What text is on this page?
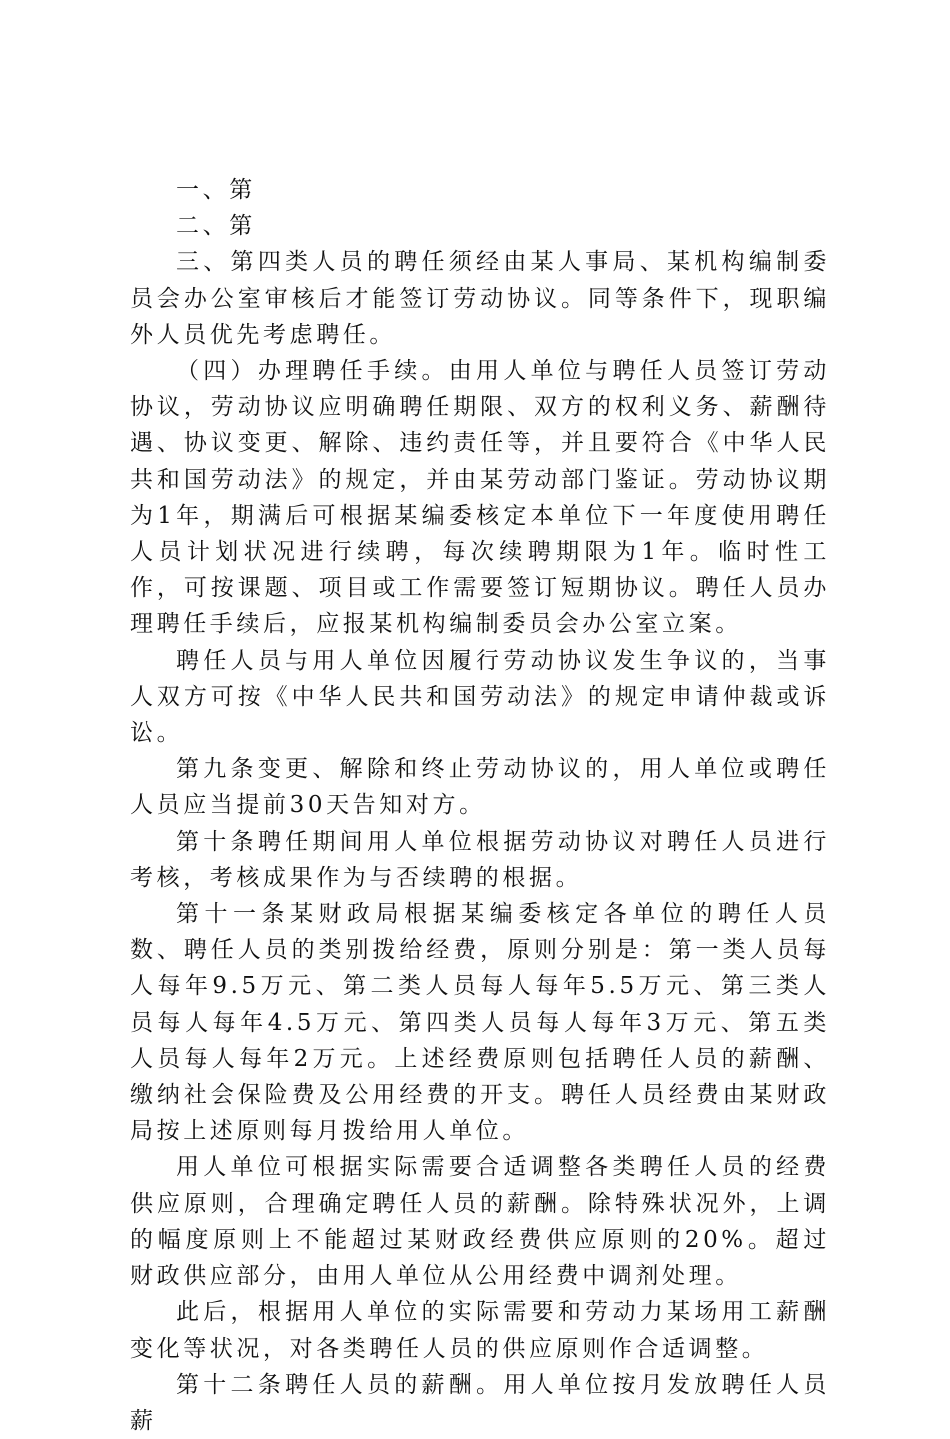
一、第

二、第

三、第四类人员的聘任须经由某人事局、某机构编制委员会办公室审核后才能签订劳动协议。同等条件下，现职编外人员优先考虑聘任。

（四）办理聘任手续。由用人单位与聘任人员签订劳动协议，劳动协议应明确聘任期限、双方的权利义务、薪酬待遇、协议变更、解除、违约责任等，并且要符合《中华人民共和国劳动法》的规定，并由某劳动部门鉴证。劳动协议期为1年，期满后可根据某编委核定本单位下一年度使用聘任人员计划状况进行续聘，每次续聘期限为1年。临时性工作，可按课题、项目或工作需要签订短期协议。聘任人员办理聘任手续后，应报某机构编制委员会办公室立案。

聘任人员与用人单位因履行劳动协议发生争议的，当事人双方可按《中华人民共和国劳动法》的规定申请仲裁或诉讼。

第九条变更、解除和终止劳动协议的，用人单位或聘任人员应当提前30天告知对方。

第十条聘任期间用人单位根据劳动协议对聘任人员进行考核，考核成果作为与否续聘的根据。

第十一条某财政局根据某编委核定各单位的聘任人员数、聘任人员的类别拨给经费，原则分别是：第一类人员每人每年9.5万元、第二类人员每人每年5.5万元、第三类人员每人每年4.5万元、第四类人员每人每年3万元、第五类人员每人每年2万元。上述经费原则包括聘任人员的薪酬、缴纳社会保险费及公用经费的开支。聘任人员经费由某财政局按上述原则每月拨给用人单位。

用人单位可根据实际需要合适调整各类聘任人员的经费供应原则，合理确定聘任人员的薪酬。除特殊状况外，上调的幅度原则上不能超过某财政经费供应原则的20%。超过财政供应部分，由用人单位从公用经费中调剂处理。

此后，根据用人单位的实际需要和劳动力某场用工薪酬变化等状况，对各类聘任人员的供应原则作合适调整。

第十二条聘任人员的薪酬。用人单位按月发放聘任人员薪
